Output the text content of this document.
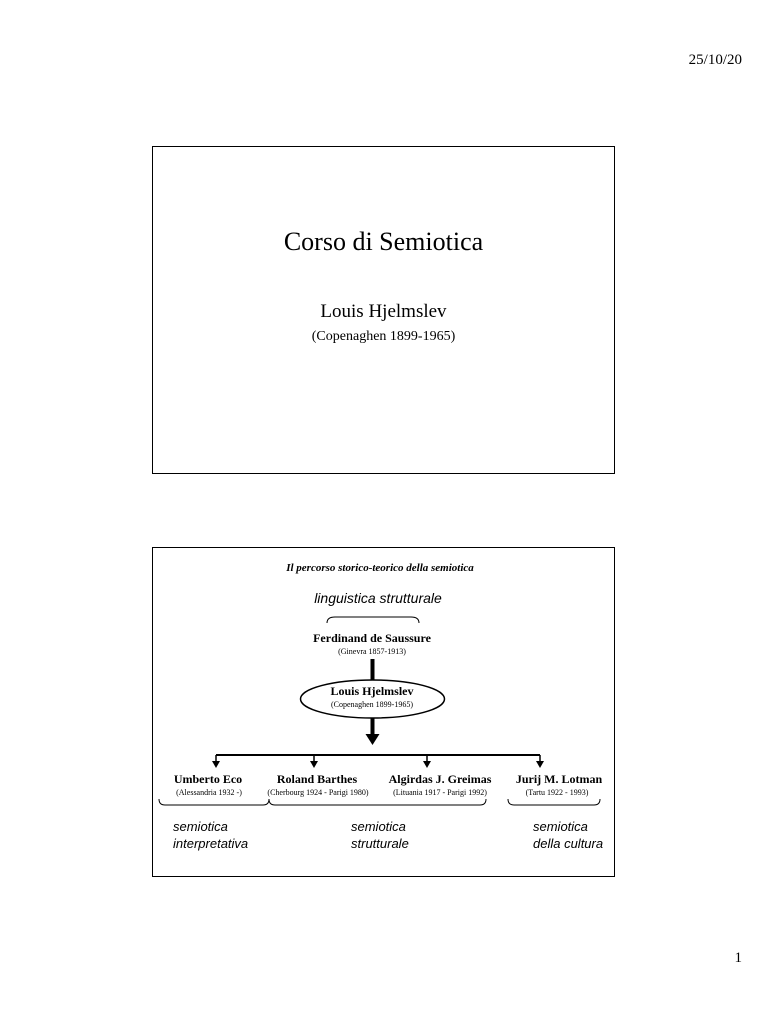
25/10/20
Corso di Semiotica
Louis Hjelmslev
(Copenaghen 1899-1965)
Il percorso storico-teorico della semiotica
linguistica strutturale
Ferdinand de Saussure
(Ginevra 1857-1913)
Louis Hjelmslev
(Copenaghen 1899-1965)
Umberto Eco
(Alessandria 1932 -)
Roland Barthes
(Cherbourg 1924 - Parigi 1980)
Algirdas J. Greimas
(Lituania 1917 - Parigi 1992)
Jurij M. Lotman
(Tartu 1922 - 1993)
semiotica
interpretativa
semiotica
strutturale
semiotica
della cultura
1
